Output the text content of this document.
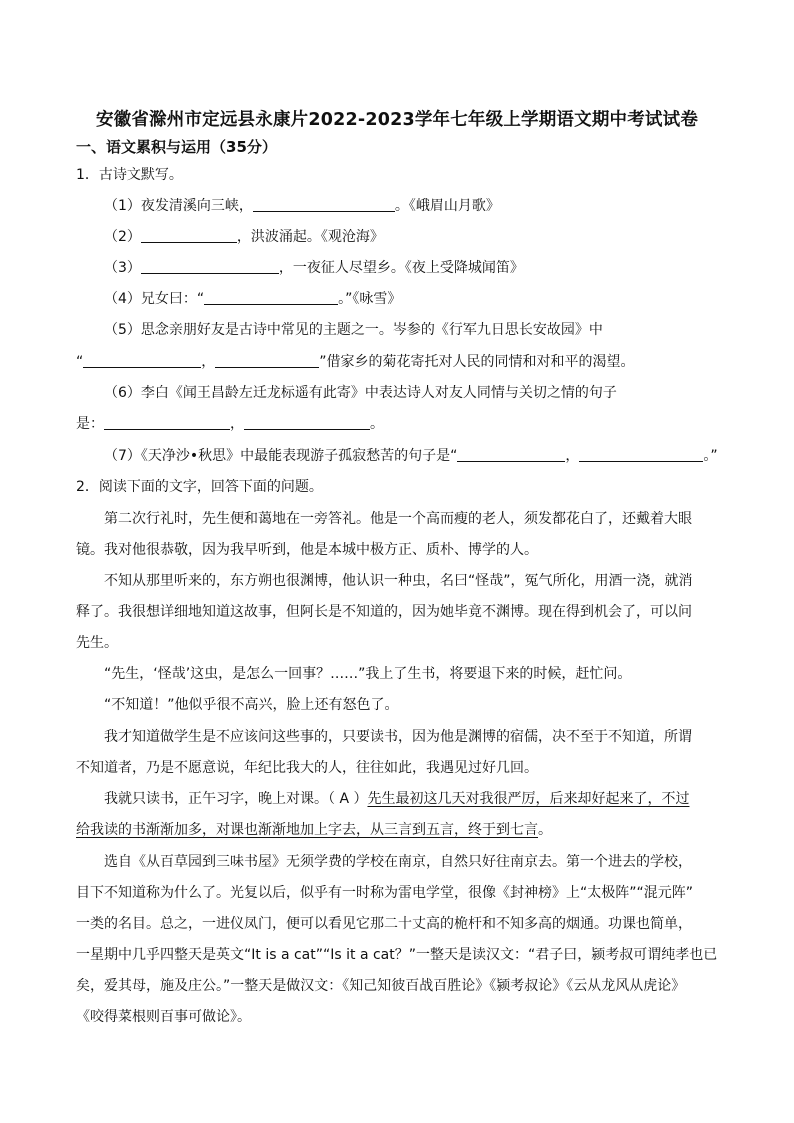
安徽省滁州市定远县永康片2022-2023学年七年级上学期语文期中考试试卷
一、语文累积与运用（35分）
1．古诗文默写。
（1）夜发清溪向三峡，	。《峨眉山月歌》
（2）	，洪波涌起。《观沧海》
（3）	，一夜征人尽望乡。《夜上受降城闻笛》
（4）兄女曰：“	。”《咏雪》
（5）思念亲朋好友是古诗中常见的主题之一。岑参的《行军九日思长安故园》中
“	，	”借家乡的菊花寄托对人民的同情和对和平的渴望。
（6）李白《闻王昌龄左迁龙标遥有此寄》中表达诗人对友人同情与关切之情的句子
是：	，	。
（7）《天净沙•秋思》中最能表现游子孤寂愁苦的句子是“	，	。”
2．阅读下面的文字，回答下面的问题。
第二次行礼时，先生便和蔼地在一旁答礼。他是一个高而瘦的老人，须发都花白了，还戴着大眼
镜。我对他很恭敬，因为我早听到，他是本城中极方正、质朴、博学的人。
不知从那里听来的，东方朔也很渊博，他认识一种虫，名曰“怪哉”，冤气所化，用酒一浇，就消
释了。我很想详细地知道这故事，但阿长是不知道的，因为她毕竟不渊博。现在得到机会了，可以问
先生。
“先生，‘怪哉’这虫，是怎么一回事？……”我上了生书，将要退下来的时候，赶忙问。
“不知道！”他似乎很不高兴，脸上还有怒色了。
我才知道做学生是不应该问这些事的，只要读书，因为他是渊博的宿儒，决不至于不知道，所谓
不知道者，乃是不愿意说，年纪比我大的人，往往如此，我遇见过好几回。
我就只读书，正午习字，晚上对课。（ A ）先生最初这几天对我很严厉，后来却好起来了，不过
给我读的书渐渐加多，对课也渐渐地加上字去，从三言到五言，终于到七言。
选自《从百草园到三味书屋》无须学费的学校在南京，自然只好往南京去。第一个进去的学校，
目下不知道称为什么了。光复以后，似乎有一时称为雷电学堂，很像《封神榜》上“太极阵”“混元阵”
一类的名目。总之，一进仪凤门，便可以看见它那二十丈高的桅杆和不知多高的烟通。功课也简单，
一星期中几乎四整天是英文“It is a cat”“Is it a cat？”一整天是读汉文：“君子曰，颍考叔可谓纯孝也已
矣，爱其母，施及庄公。”一整天是做汉文：《知己知彼百战百胜论》《颍考叔论》《云从龙风从虎论》
《咬得菜根则百事可做论》。
